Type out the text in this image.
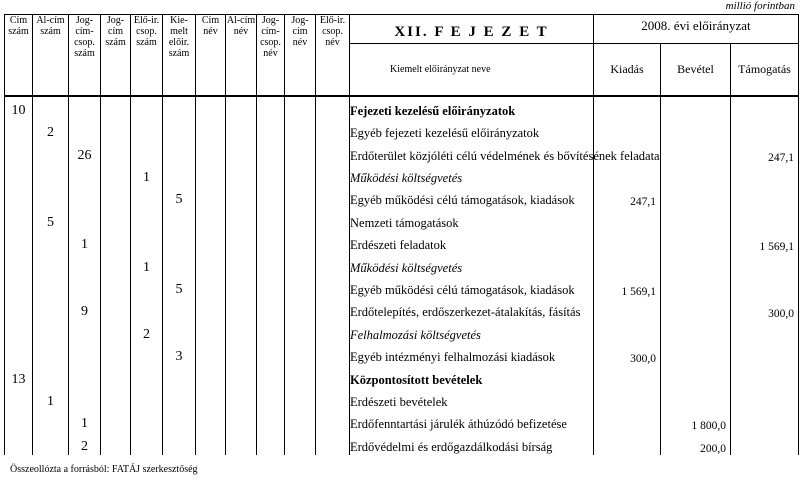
millió forintban
Cím szám	Al-cím szám	Jog-cím-csop. szám	Jog-cím szám	Elő-ir. csop. szám	Kie-melt előir. szám	Cím név	Al-cím név	Jog-cím-csop. név	Jog-cím név	Elő-ir. csop. név	XII. F E J E Z E T	2008. évi előirányzat		
											Kiemelt előirányzat neve	Kiadás	Bevétel	Támogatás
10											Fejezeti kezelésű előirányzatok			
	2										Egyéb fejezeti kezelésű előirányzatok			
		26									Erdőterület közjóléti célú védelmének és bővítésének feladata			247,1
				1							Működési költségvetés			
					5						Egyéb működési célú támogatások, kiadások	247,1		
	5										Nemzeti támogatások			
		1									Erdészeti feladatok			1 569,1
				1							Működési költségvetés			
					5						Egyéb működési célú támogatások, kiadások	1 569,1		
		9									Erdőtelepítés, erdőszerkezet-átalakítás, fásítás			300,0
				2							Felhalmozási költségvetés			
					3						Egyéb intézményi felhalmozási kiadások	300,0		
13											Központosított bevételek			
	1										Erdészeti bevételek			
		1									Erdőfenntartási járulék áthúzódó befizetése		1 800,0	
		2									Erdővédelmi és erdőgazdálkodási bírság		200,0	
Összeollózta a forrásból: FATÁJ szerkesztőség
